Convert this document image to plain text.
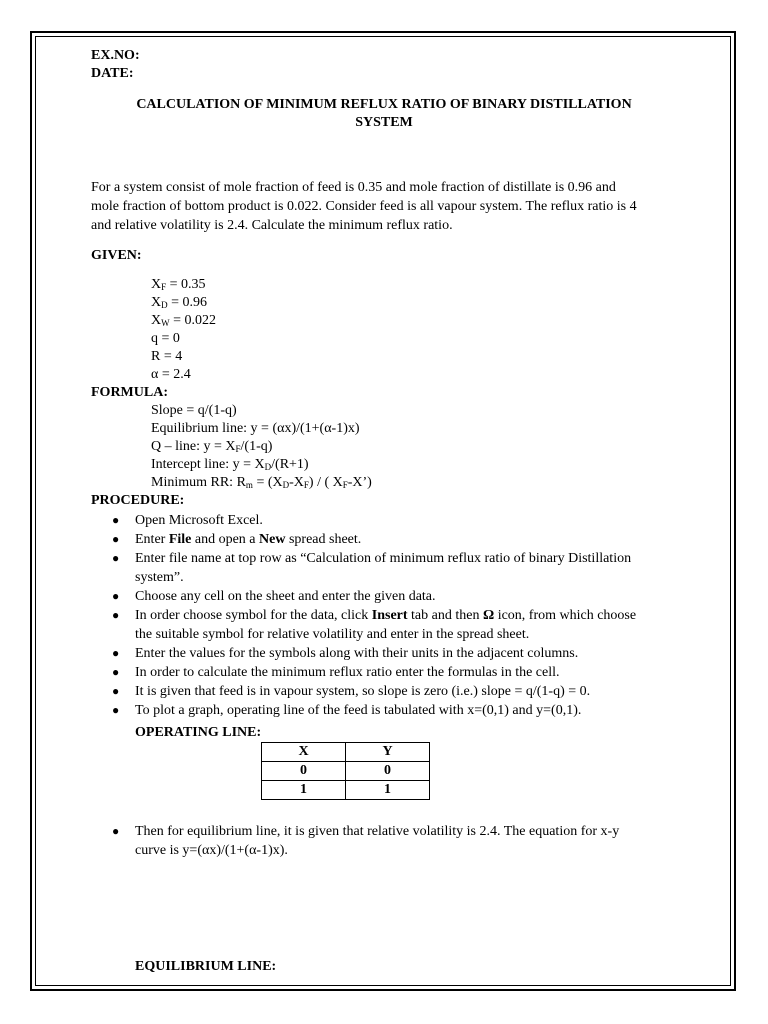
EX.NO:
DATE:
CALCULATION OF MINIMUM REFLUX RATIO OF BINARY DISTILLATION
SYSTEM
For a system consist of mole fraction of feed is 0.35 and mole fraction of distillate is 0.96 and
mole fraction of bottom product is 0.022. Consider feed is all vapour system. The reflux ratio is 4
and relative volatility is 2.4. Calculate the minimum reflux ratio.
GIVEN:
$X_F = 0.35$
$X_D = 0.96$
$X_W = 0.022$
q = 0
R = 4
α = 2.4
FORMULA:
Slope = q/(1-q)
Equilibrium line: y = (αx)/(1+(α-1)x)
Q – line: $y = X_F/(1-q)$
Intercept line: $y = X_D/(R+1)$
Minimum RR: $R_m = (X_D-X_F)$ / ( $X_F-X$’)
PROCEDURE:
● Open Microsoft Excel.
● Enter File and open a New spread sheet.
● Enter file name at top row as “Calculation of minimum reflux ratio of binary Distillation
system”.
● Choose any cell on the sheet and enter the given data.
● In order choose symbol for the data, click Insert tab and then Ω icon, from which choose
the suitable symbol for relative volatility and enter in the spread sheet.
● Enter the values for the symbols along with their units in the adjacent columns.
● In order to calculate the minimum reflux ratio enter the formulas in the cell.
● It is given that feed is in vapour system, so slope is zero (i.e.) slope = q/(1-q) = 0.
● To plot a graph, operating line of the feed is tabulated with x=(0,1) and y=(0,1).
OPERATING LINE:
X	Y
0	0
1	1
● Then for equilibrium line, it is given that relative volatility is 2.4. The equation for x-y
curve is y=(αx)/(1+(α-1)x).
EQUILIBRIUM LINE:
